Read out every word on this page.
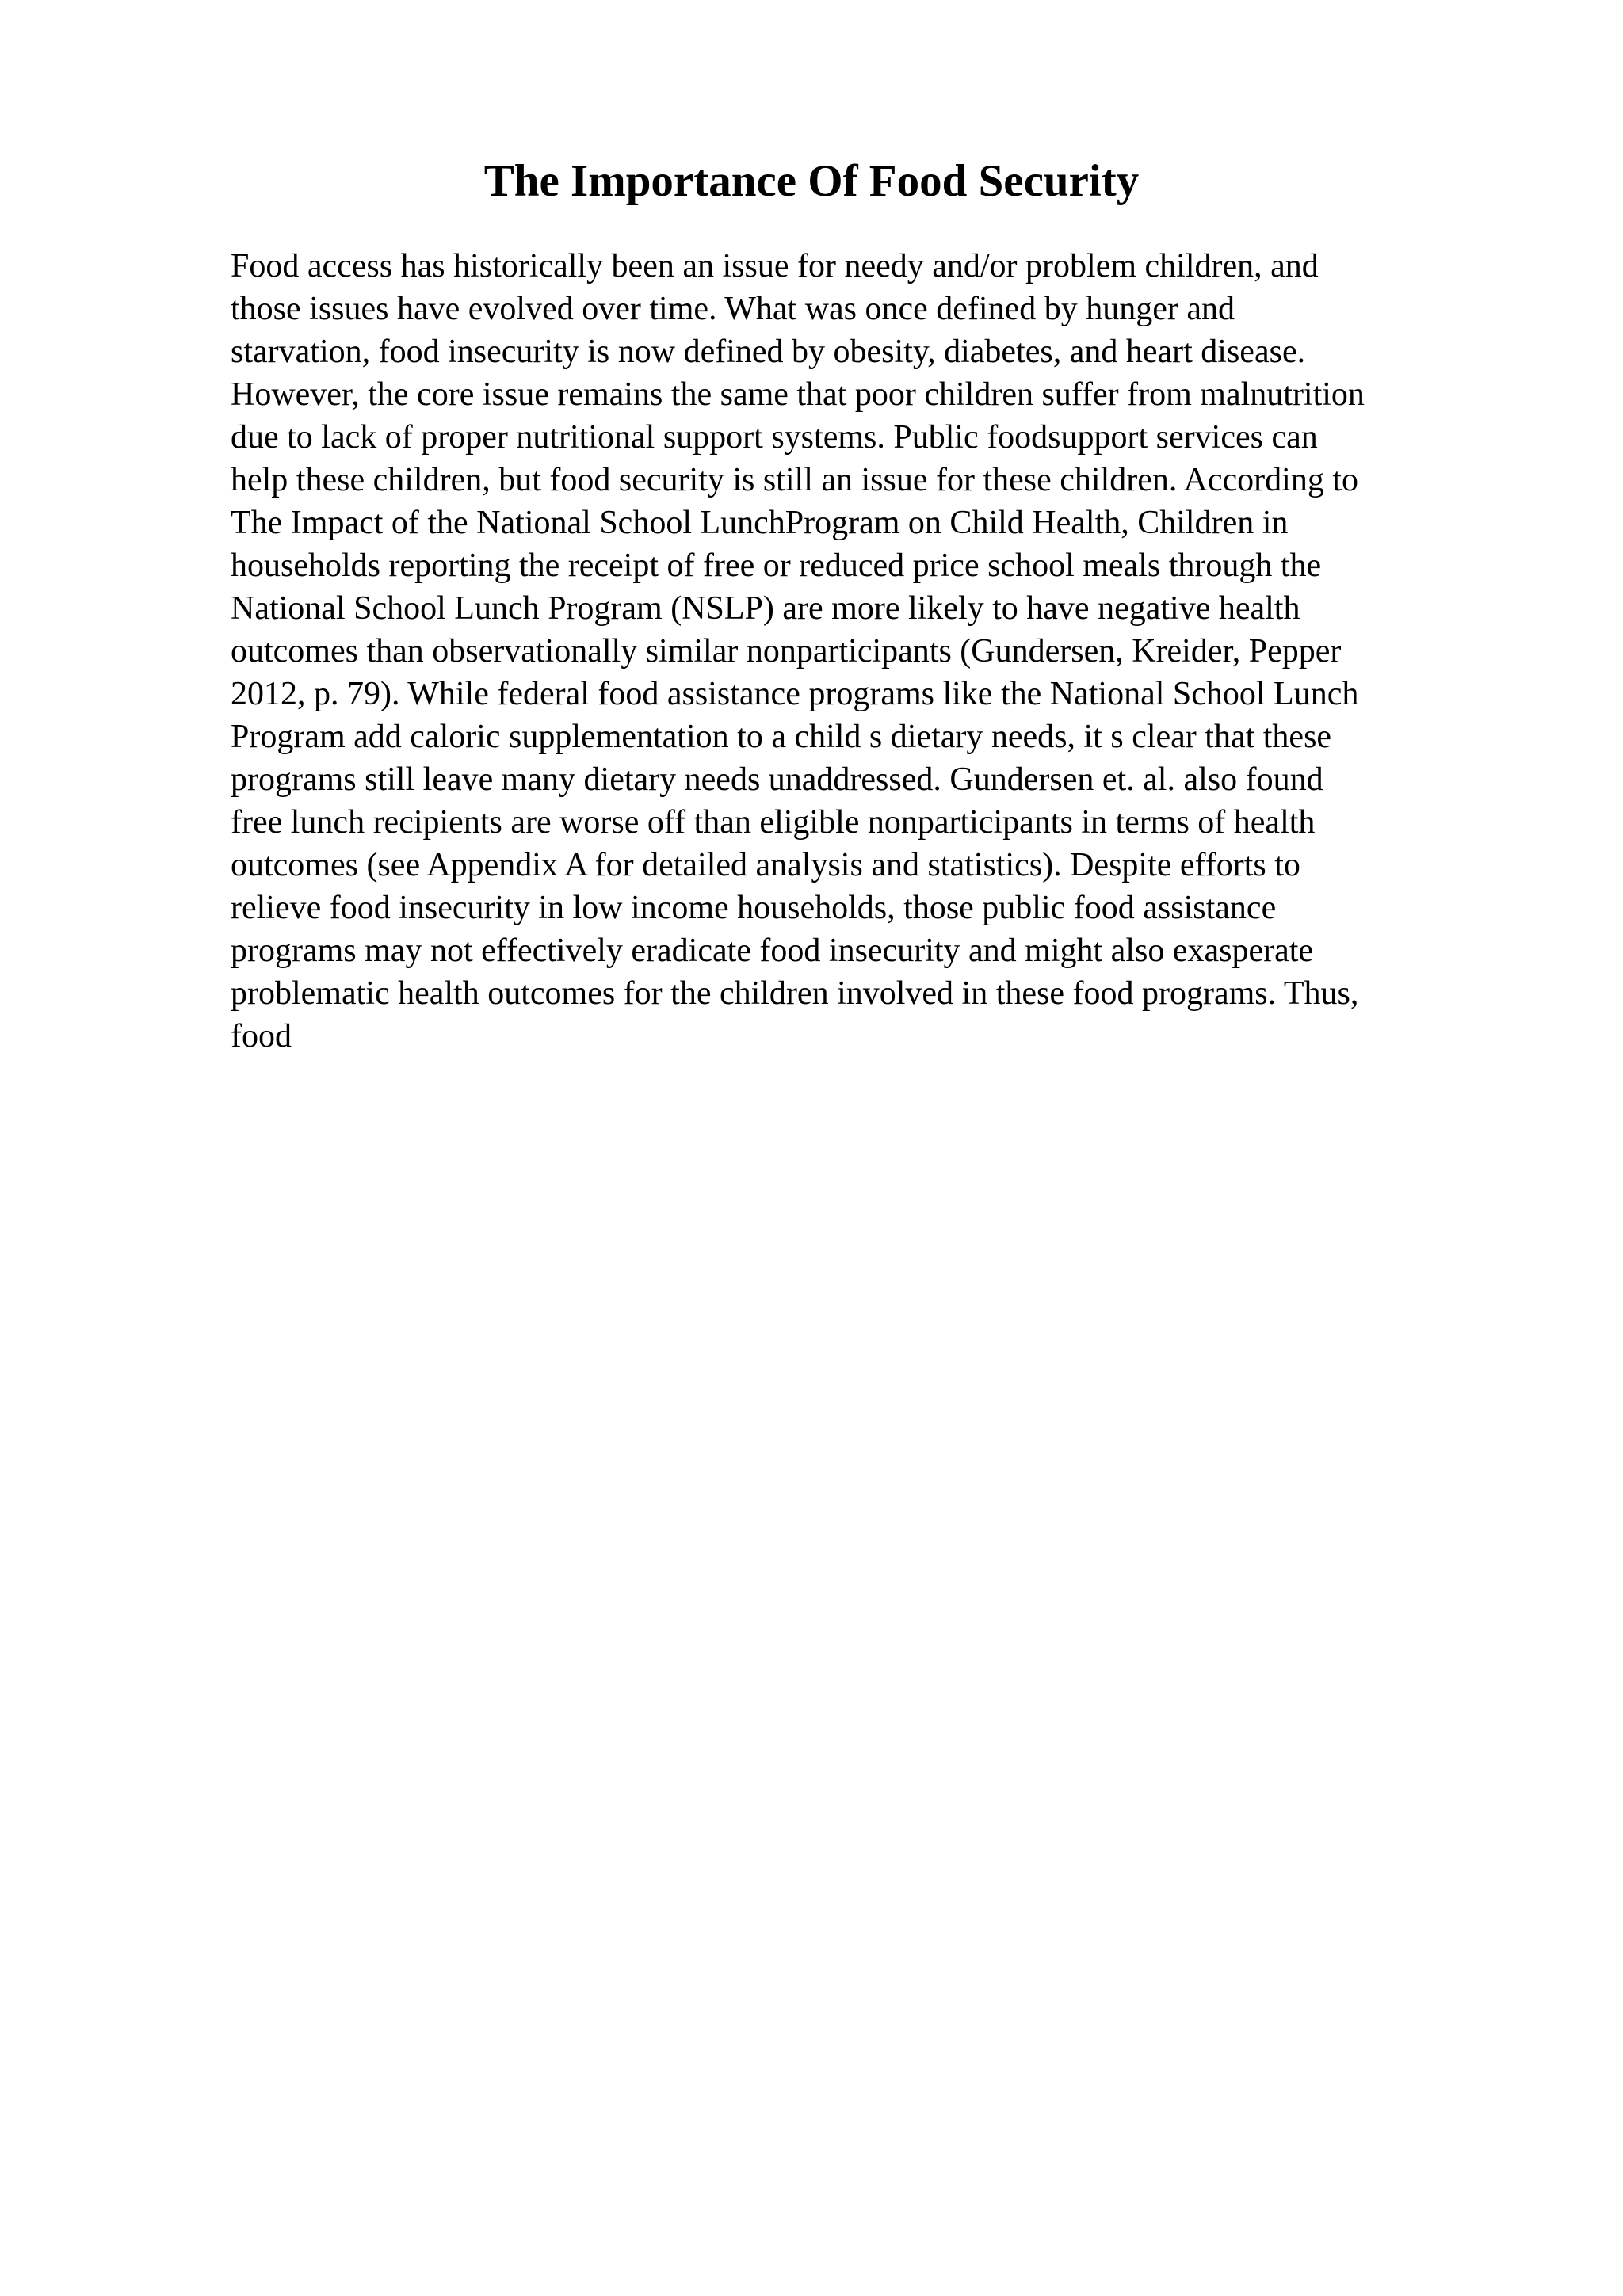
The Importance Of Food Security
Food access has historically been an issue for needy and/or problem children, and
those issues have evolved over time. What was once defined by hunger and
starvation, food insecurity is now defined by obesity, diabetes, and heart disease.
However, the core issue remains the same that poor children suffer from malnutrition
due to lack of proper nutritional support systems. Public foodsupport services can
help these children, but food security is still an issue for these children. According to
The Impact of the National School LunchProgram on Child Health, Children in
households reporting the receipt of free or reduced price school meals through the
National School Lunch Program (NSLP) are more likely to have negative health
outcomes than observationally similar nonparticipants (Gundersen, Kreider, Pepper
2012, p. 79). While federal food assistance programs like the National School Lunch
Program add caloric supplementation to a child s dietary needs, it s clear that these
programs still leave many dietary needs unaddressed. Gundersen et. al. also found
free lunch recipients are worse off than eligible nonparticipants in terms of health
outcomes (see Appendix A for detailed analysis and statistics). Despite efforts to
relieve food insecurity in low income households, those public food assistance
programs may not effectively eradicate food insecurity and might also exasperate
problematic health outcomes for the children involved in these food programs. Thus,
food
